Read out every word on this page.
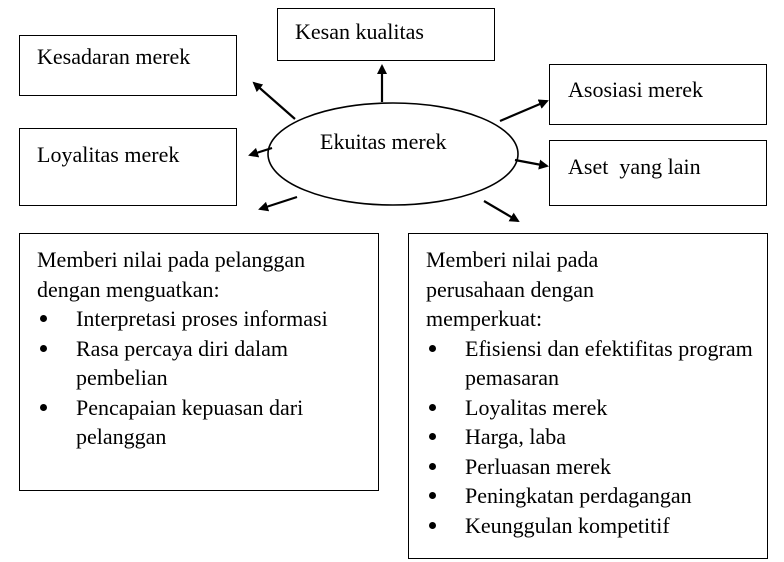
Ekuitas merek
Kesan kualitas
Kesadaran merek
Asosiasi merek
Loyalitas merek	Aset  yang lain

Memberi nilai pada pelanggan dengan menguatkan:

Interpretasi proses informasi
Rasa percaya diri dalam pembelian
Pencapaian kepuasan dari pelanggan

Memberi nilai pada perusahaan dengan memperkuat:

Efisiensi dan efektifitas program pemasaran
Loyalitas merek
Harga, laba
Perluasan merek
Peningkatan perdagangan
Keunggulan kompetitif
